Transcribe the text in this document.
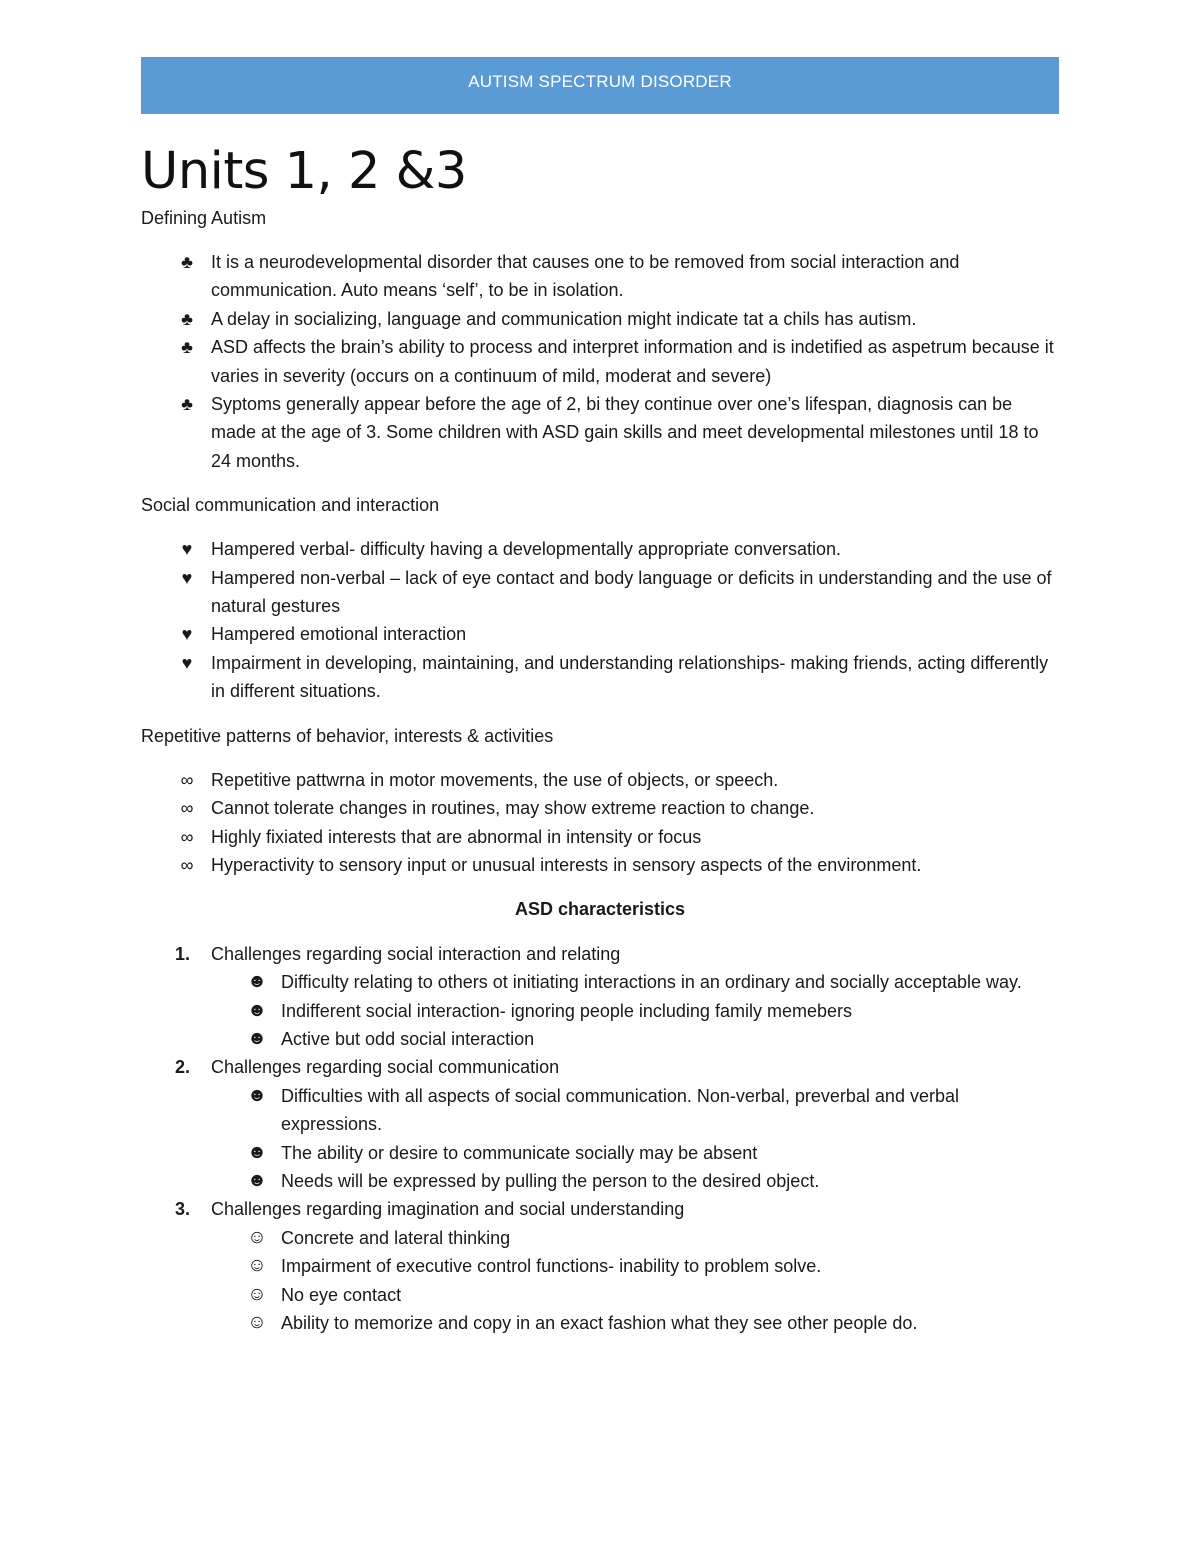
AUTISM SPECTRUM DISORDER
Units 1, 2 &3

Defining Autism

♣	It is a neurodevelopmental disorder that causes one to be removed from social interaction and communication. Auto means ‘self’, to be in isolation.
♣	A delay in socializing, language and communication might indicate tat a chils has autism.
♣	ASD affects the brain’s ability to process and interpret information and is indetified as aspetrum because it varies in severity (occurs on a continuum of mild, moderat and severe)
♣	Syptoms generally appear before the age of 2, bi they continue over one’s lifespan, diagnosis can be made at the age of 3. Some children with ASD gain skills and meet developmental milestones until 18 to 24 months.

Social communication and interaction

♥	Hampered verbal- difficulty having a developmentally appropriate conversation.
♥	Hampered non-verbal – lack of eye contact and body language or deficits in understanding and the use of natural gestures
♥	Hampered emotional interaction
♥	Impairment in developing, maintaining, and understanding relationships- making friends, acting differently in different situations.

Repetitive patterns of behavior, interests & activities

∞ Repetitive pattwrna in motor movements, the use of objects, or speech.
∞ Cannot tolerate changes in routines, may show extreme reaction to change.
∞ Highly fixiated interests that are abnormal in intensity or focus
∞ Hyperactivity to sensory input or unusual interests in sensory aspects of the environment.

ASD characteristics

1. Challenges regarding social interaction and relating
☻ Difficulty relating to others ot initiating interactions in an ordinary and socially acceptable way.
☻ Indifferent social interaction- ignoring people including family memebers
☻ Active but odd social interaction
2. Challenges regarding social communication
☻ Difficulties with all aspects of social communication. Non-verbal, preverbal and verbal expressions.
☻ The ability or desire to communicate socially may be absent
☻ Needs will be expressed by pulling the person to the desired object.
3. Challenges regarding imagination and social understanding
☺ Concrete and lateral thinking
☺ Impairment of executive control functions- inability to problem solve.
☺ No eye contact
☺ Ability to memorize and copy in an exact fashion what they see other people do.
